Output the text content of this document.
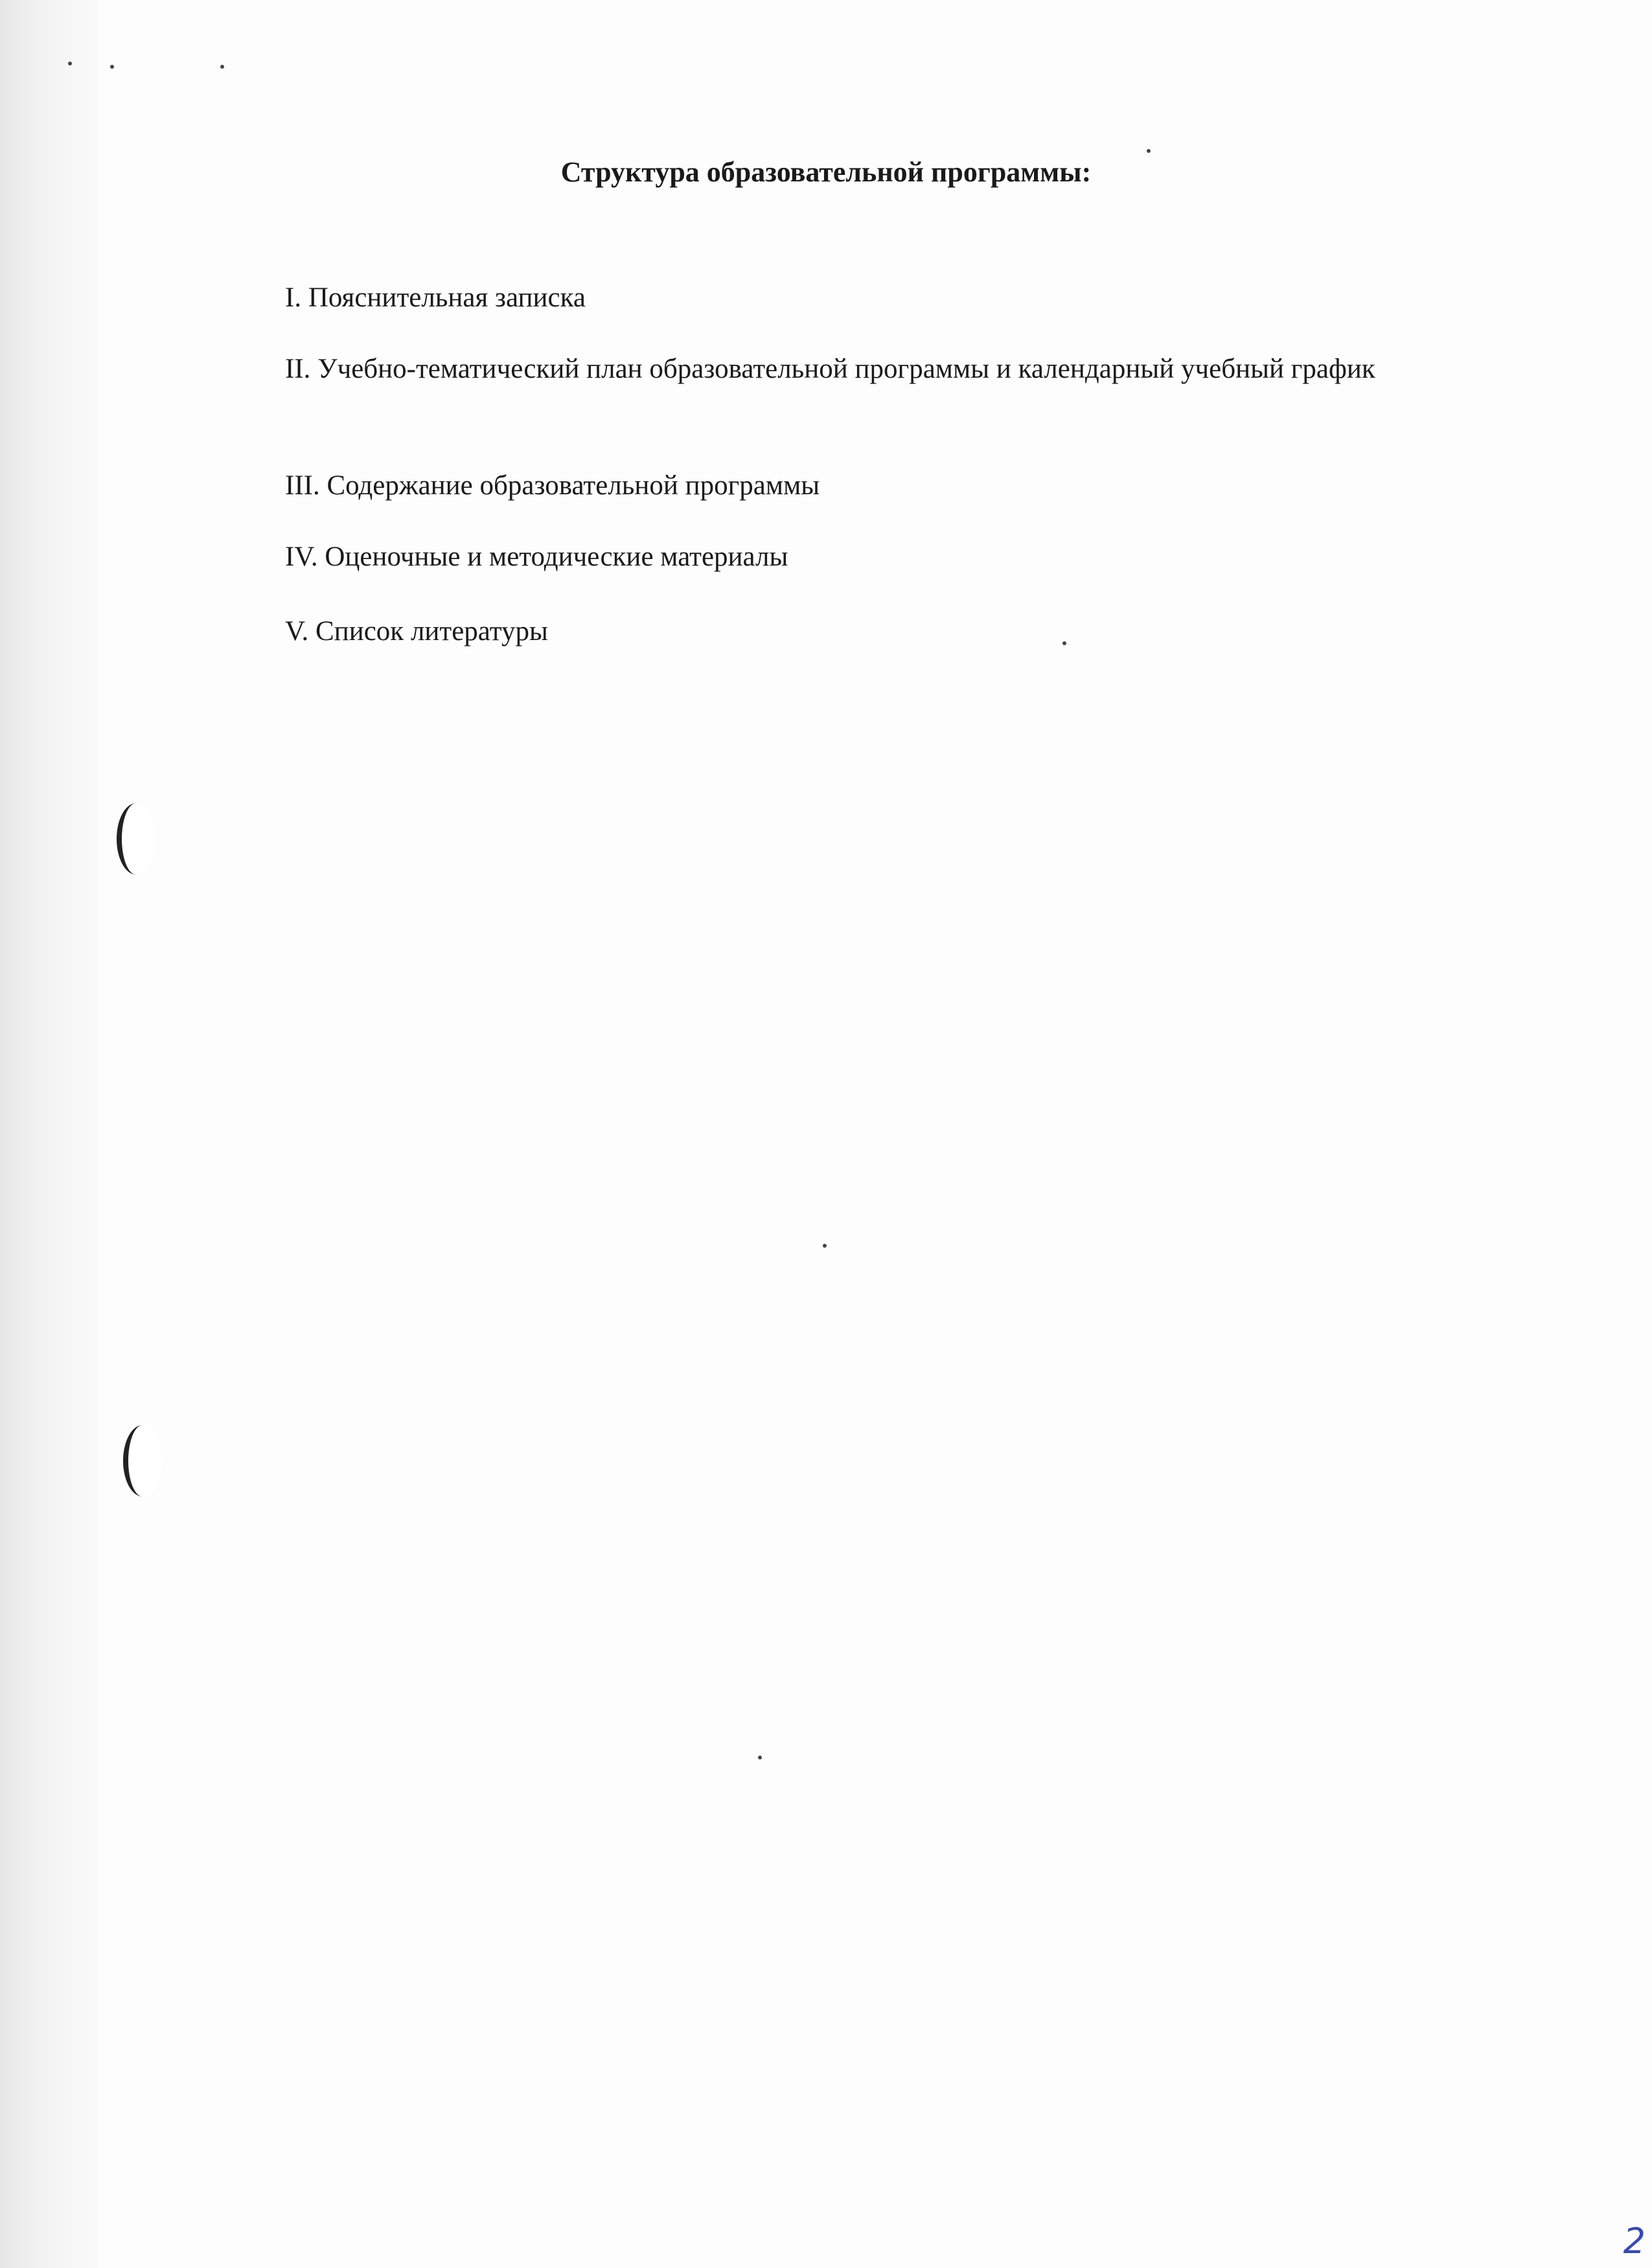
Структура образовательной программы:
I. Пояснительная записка
II. Учебно-тематический план образовательной программы и календарный учебный график
III. Содержание образовательной программы
IV. Оценочные и методические материалы
V. Список литературы
2
